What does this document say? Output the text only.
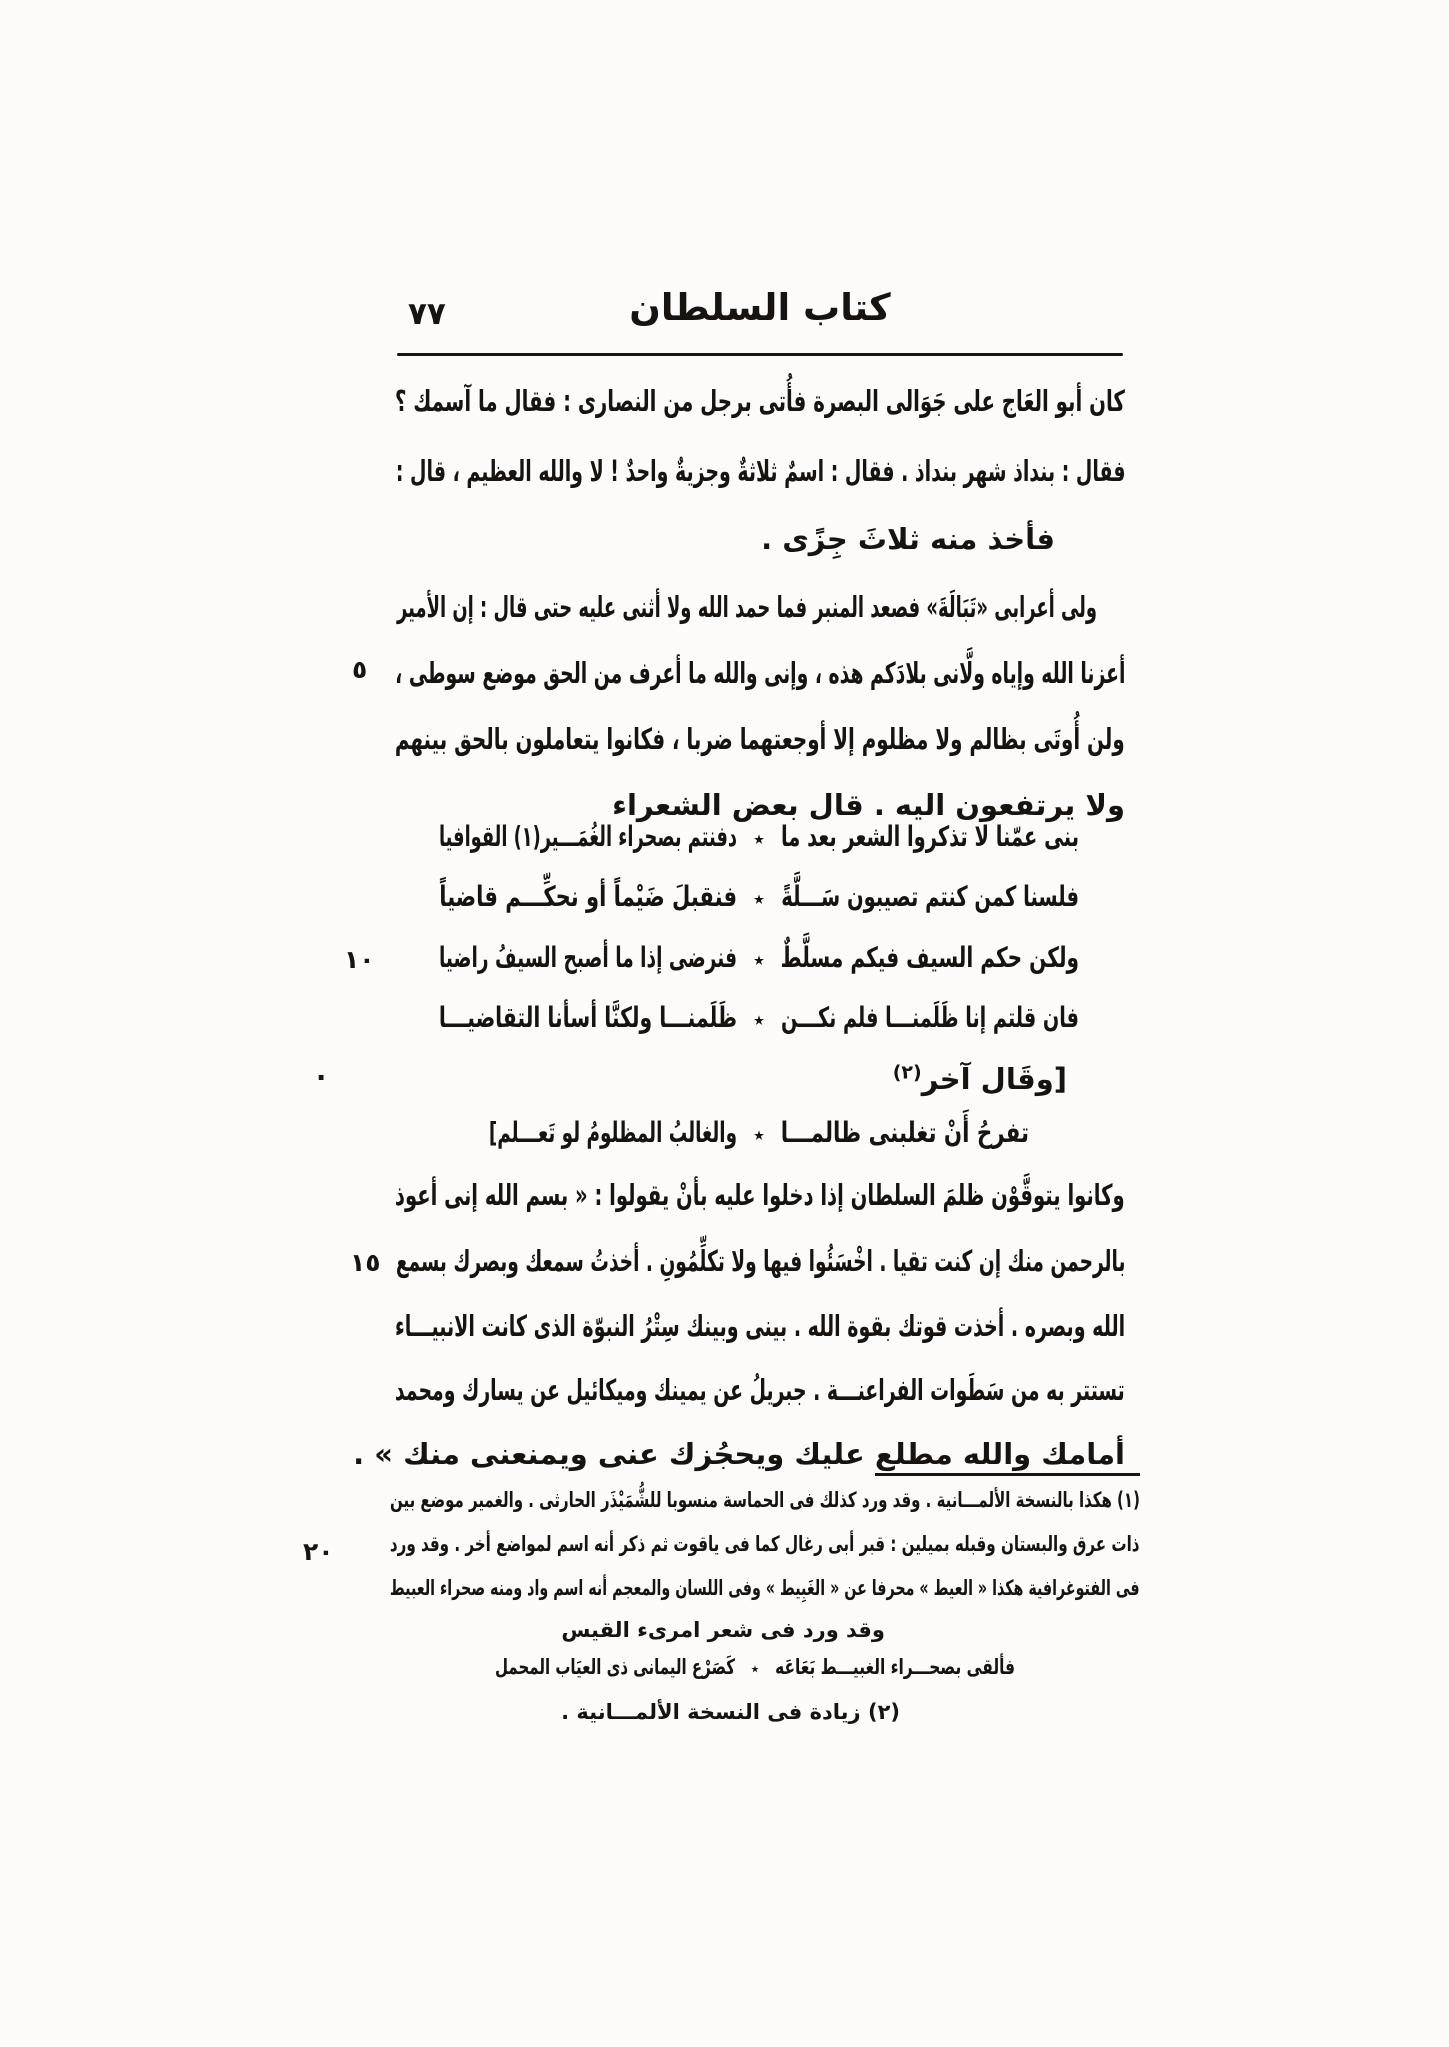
٧٧	كتاب السلطان
كان أبو العَاج على جَوَالى البصرة فأُتى برجل من النصارى : فقال ما آسمك ؟
فقال : بنداذ شهر بنداذ . فقال : اسمٌ ثلاثةٌ وجزيةٌ واحدٌ ! لا والله العظيم ، قال :
فأخذ منه ثلاثَ جِزًى .
ولى أعرابى «تَبَالَةَ» فصعد المنبر فما حمد الله ولا أثنى عليه حتى قال : إن الأمير
أعزنا الله وإياه ولَّانى بلادَكم هذه ، وإنى والله ما أعرف من الحق موضع سوطى ،
ولن أُوتَى بظالم ولا مظلوم إلا أوجعتهما ضربا ، فكانوا يتعاملون بالحق بينهم
ولا يرتفعون اليه . قال بعض الشعراء
بنى عمّنا لا تذكروا الشعر بعد ما
٭
دفنتم بصحراء الغُمَـــير(١) القوافيا
فلسنا كمن كنتم تصيبون سَـــلَّةً
٭
فنقبلَ ضَيْماً أو نحكِّـــم قاضياً
ولكن حكم السيف فيكم مسلَّطٌ
٭
فنرضى إذا ما أصبح السيفُ راضيا
فان قلتم إنا ظَلَمنـــا فلم نكـــن
٭
ظَلَمنـــا ولكنَّا أسأنا التقاضيـــا
[وقَال آخر$^{(٢)}$
تفرحُ أَنْ تغلبنى ظالمـــا
٭
والغالبُ المظلومُ لو تَعـــلم]
وكانوا يتوقَّوْن ظلمَ السلطان إذا دخلوا عليه بأنْ يقولوا : « بسم الله إنى أعوذ
بالرحمن منك إن كنت تقيا . اخْسَئُوا فيها ولا تكلِّمُونِ . أخذتُ سمعك وبصرك بسمع
الله وبصره . أخذت قوتك بقوة الله . بينى وبينك سِتْرُ النبوّة الذى كانت الانبيـــاء
تستتر به من سَطَوات الفراعنـــة . جبريلُ عن يمينك وميكائيل عن يسارك ومحمد
أمامك والله مطلع عليك ويحجُزك عنى ويمنعنى منك » .
٥
١٠
١٥
٢٠
.
(١) هكذا بالنسخة الألمـــانية . وقد ورد كذلك فى الحماسة منسوبا للشُّمَيْذَر الحارثى . والغمير موضع بين
ذات عرق والبستان وقبله بميلين : قبر أبى رغال كما فى ياقوت ثم ذكر أنه اسم لمواضع أخر . وقد ورد
فى الفتوغرافية هكذا « العيط » محرفا عن « الغَبِيط » وفى اللسان والمعجم أنه اسم واد ومنه صحراء العبيط
وقد ورد فى شعر امرىء القيس
فألقى بصحـــراء الغبيـــط بَعَاعَه
٭
كَصَرْع اليمانى ذى العيَاب المحمل
(٢) زيادة فى النسخة الألمـــانية .
